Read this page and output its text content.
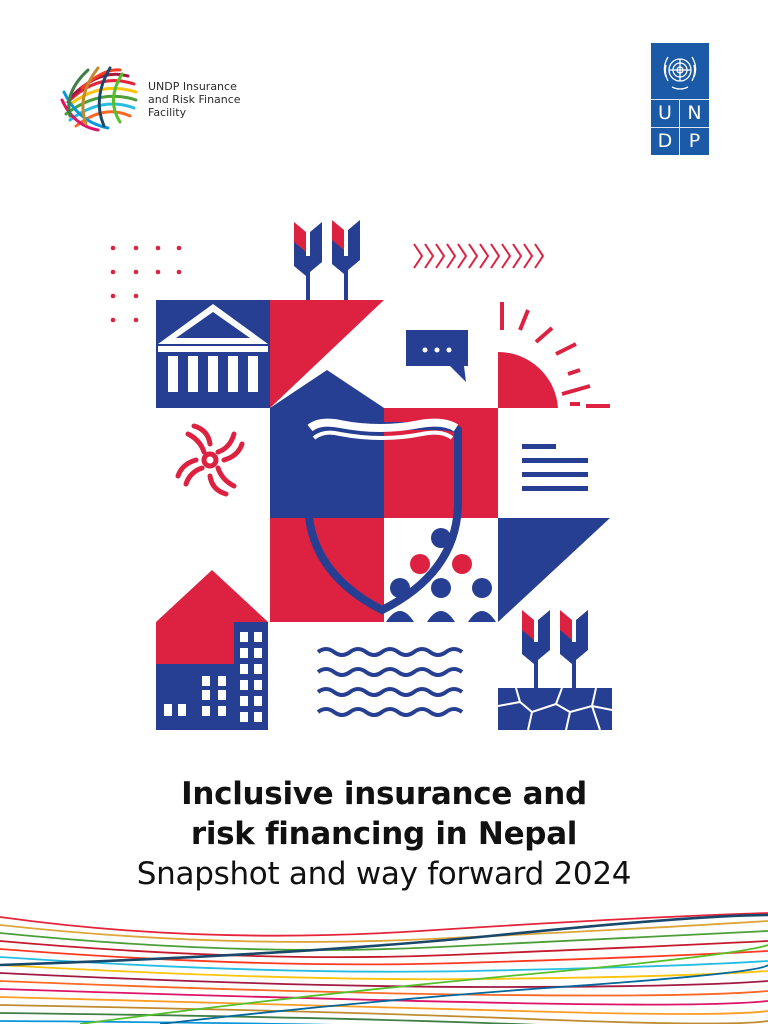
UNDP Insurance
and Risk Finance
Facility	U N
D P
Inclusive insurance and
risk financing in Nepal
Snapshot and way forward 2024
